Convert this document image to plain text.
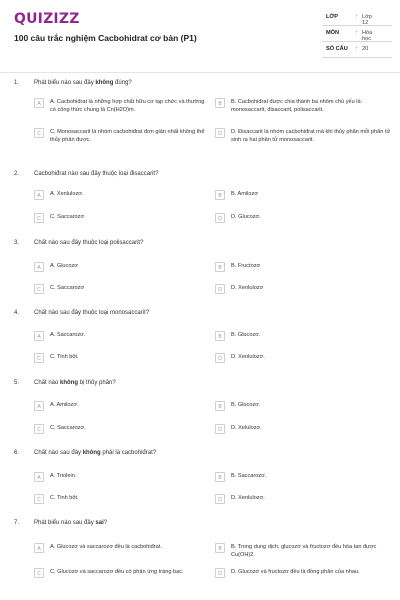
QUIZIZZ
100 câu trắc nghiệm Cacbohidrat cơ bản (P1)
LỚP	: Lớp 12
MÔN	: Hóa học
SỐ CÂU	: 20
1. Phát biểu nào sau đây không đúng?
A	A. Cacbohiđrat là những hợp chất hữu cơ tạp chức và thường có công thức chung là Cn(H2O)m.
B	B. Cacbohiđrat được chia thành ba nhóm chủ yếu là: monosaccarit, đisaccarit, polisaccarit.
C	C. Monosaccarit là nhóm cacbohiđrat đơn giản nhất không thể thủy phân được.
D	D. Đisaccarit là nhóm cacbohiđrat mà khi thủy phân mỗi phân tử sinh ra hai phân tử monosaccarit.
2. Cacbohiđrat nào sau đây thuộc loại đisaccarit?
A	A. Xenlulozơ.	B	B. Amilozơ
C	C. Saccarozơ	D	D. Glucozơ.
3. Chất nào sau đây thuộc loại polisaccarit?
A	A. Glucozơ	B	B. Fructozơ
C	C. Saccarozơ	D	D. Xenlulozơ
4. Chất nào sau đây thuộc loại monosaccarit?
A	A. Saccarozơ.	B	B. Glucozơ.
C	C. Tinh bột.	D	D. Xenlulozơ.
5. Chất nào không bị thủy phân?
A	A. Amilozơ.	B	B. Glucozơ.
C	C. Saccarozơ.	D	D. Xelulozơ.
6. Chất nào sau đây không phải là cacbohiđrat?
A	A. Triolein.	B	B. Saccarozơ.
C	C. Tinh bột.	D	D. Xenlulozơ.
7. Phát biểu nào sau đây sai?
A	A. Glucozơ và saccarozơ đều là cacbohiđrat.	B	B. Trong dung dịch, glucozơ và fructozơ đều hòa tan được Cu(OH)2.
C	C. Glucozơ và saccarozơ đều có phản ứng tráng bạc.	D	D. Glucozơ và fructozơ đều là đồng phân của nhau.
